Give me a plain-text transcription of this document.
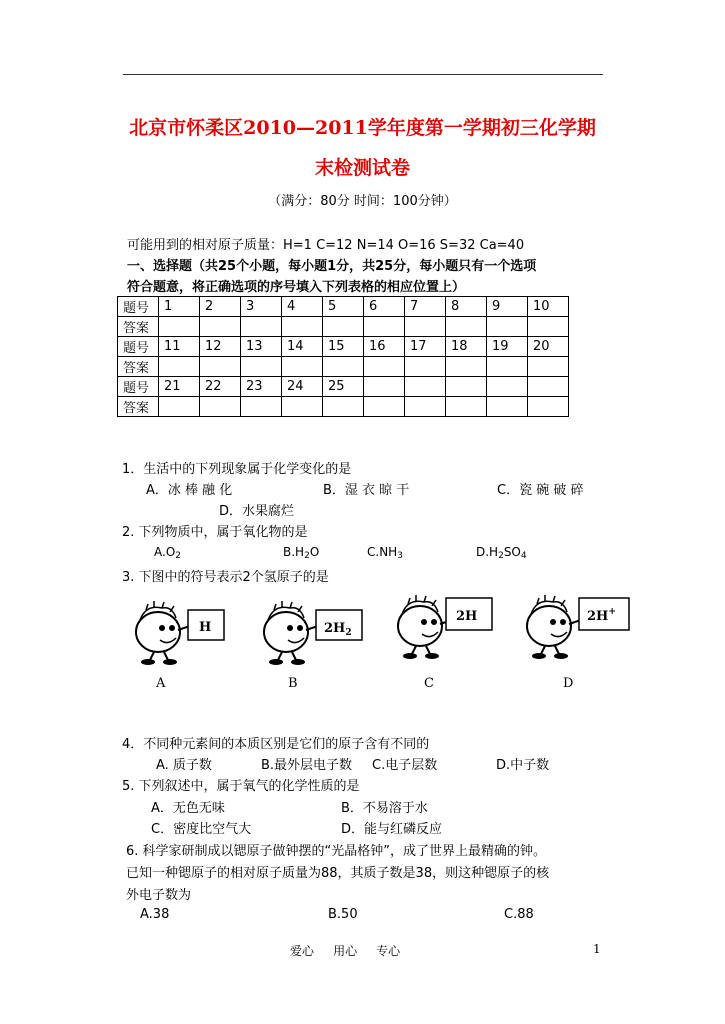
北京市怀柔区2010—2011学年度第一学期初三化学期
末检测试卷
（满分：80分 时间：100分钟）
可能用到的相对原子质量：H=1 C=12 N=14 O=16 S=32 Ca=40
一、选择题（共25个小题，每小题1分，共25分，每小题只有一个选项
符合题意，将正确选项的序号填入下列表格的相应位置上）
题号	1	2	3	4	5	6	7	8	9	10
答案										
题号	11	12	13	14	15	16	17	18	19	20
答案										
题号	21	22	23	24	25					
答案										
1．生活中的下列现象属于化学变化的是
A．冰 棒 融 化	B．湿 衣 晾 干	C．瓷 碗 破 碎
D．水果腐烂
2. 下列物质中，属于氧化物的是
A.O2	B.H2O	C.NH3	D.H2SO4
3. 下图中的符号表示2个氢原子的是
H	$2H_2$
2H	2H+
A	B	C	D
4．不同种元素间的本质区别是它们的原子含有不同的
A. 质子数	B.最外层电子数 C.电子层数	D.中子数
5. 下列叙述中，属于氧气的化学性质的是
A．无色无味	B．不易溶于水
C．密度比空气大	D．能与红磷反应
6. 科学家研制成以锶原子做钟摆的“光晶格钟”，成了世界上最精确的钟。
已知一种锶原子的相对原子质量为88，其质子数是38，则这种锶原子的核
外电子数为
A.38	B.50	C.88
爱心     用心     专心	1
